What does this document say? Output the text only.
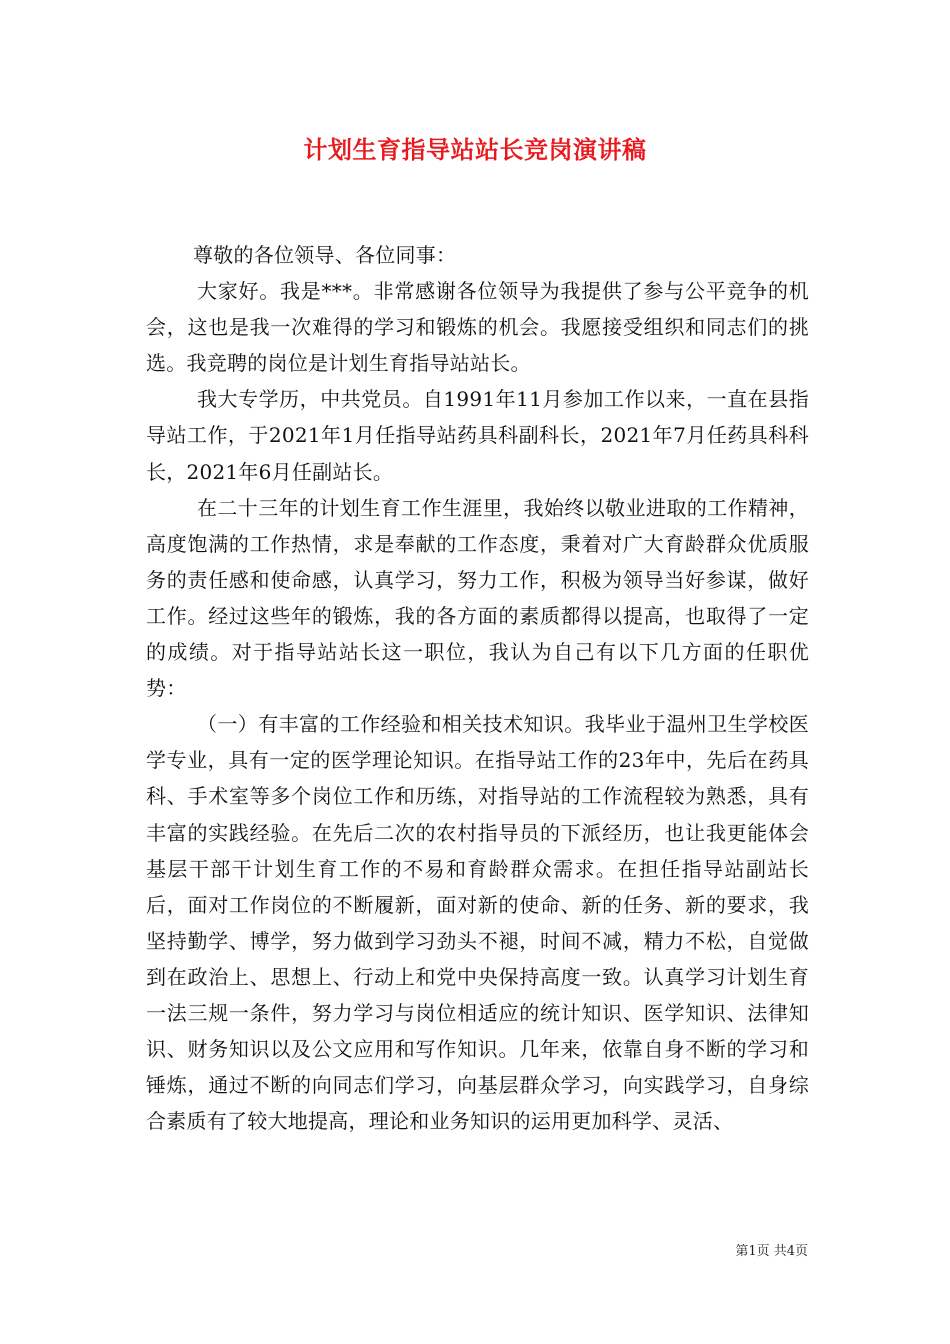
计划生育指导站站长竞岗演讲稿

尊敬的各位领导、各位同事：

大家好。我是***。非常感谢各位领导为我提供了参与公平竞争的机会，这也是我一次难得的学习和锻炼的机会。我愿接受组织和同志们的挑选。我竞聘的岗位是计划生育指导站站长。

我大专学历，中共党员。自1991年11月参加工作以来，一直在县指导站工作，于2021年1月任指导站药具科副科长，2021年7月任药具科科长，2021年6月任副站长。

在二十三年的计划生育工作生涯里，我始终以敬业进取的工作精神，高度饱满的工作热情，求是奉献的工作态度，秉着对广大育龄群众优质服务的责任感和使命感，认真学习，努力工作，积极为领导当好参谋，做好工作。经过这些年的锻炼，我的各方面的素质都得以提高，也取得了一定的成绩。对于指导站站长这一职位，我认为自己有以下几方面的任职优势：

（一）有丰富的工作经验和相关技术知识。我毕业于温州卫生学校医学专业，具有一定的医学理论知识。在指导站工作的23年中，先后在药具科、手术室等多个岗位工作和历练，对指导站的工作流程较为熟悉，具有丰富的实践经验。在先后二次的农村指导员的下派经历，也让我更能体会基层干部干计划生育工作的不易和育龄群众需求。在担任指导站副站长后，面对工作岗位的不断履新，面对新的使命、新的任务、新的要求，我坚持勤学、博学，努力做到学习劲头不褪，时间不减，精力不松，自觉做到在政治上、思想上、行动上和党中央保持高度一致。认真学习计划生育一法三规一条件，努力学习与岗位相适应的统计知识、医学知识、法律知识、财务知识以及公文应用和写作知识。几年来，依靠自身不断的学习和锤炼，通过不断的向同志们学习，向基层群众学习，向实践学习，自身综合素质有了较大地提高，理论和业务知识的运用更加科学、灵活、

第1页 共4页
